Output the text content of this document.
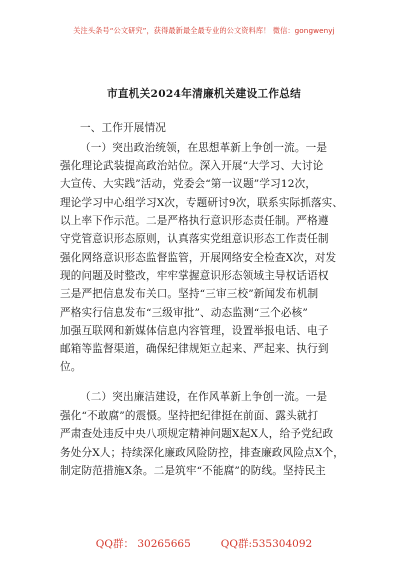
关注头条号“公文研究”，获得最新最全最专业的公文资料库！ 微信：gongwenyj
市直机关2024年清廉机关建设工作总结
一、工作开展情况
（一）突出政治统领，在思想革新上争创一流。一是
强化理论武装提高政治站位。深入开展“大学习、大讨论
大宣传、大实践”活动，党委会“第一议题”学习12次，
理论学习中心组学习X次，专题研讨9次，联系实际抓落实、
以上率下作示范。二是严格执行意识形态责任制。严格遵
守党管意识形态原则，认真落实党组意识形态工作责任制
强化网络意识形态监督监管，开展网络安全检查X次，对发
现的问题及时整改，牢牢掌握意识形态领域主导权话语权
三是严把信息发布关口。坚持“三审三校”新闻发布机制
严格实行信息发布“三级审批”、动态监测“三个必核”
加强互联网和新媒体信息内容管理，设置举报电话、电子
邮箱等监督渠道，确保纪律规矩立起来、严起来、执行到
位。
（二）突出廉洁建设，在作风革新上争创一流。一是
强化“不敢腐”的震慑。坚持把纪律挺在前面、露头就打
严肃查处违反中央八项规定精神问题X起X人，给予党纪政
务处分X人；持续深化廉政风险防控，排查廉政风险点X个，
制定防范措施X条。二是筑牢“不能腐”的防线。坚持民主
QQ群： 30265665	QQ群:535304092
